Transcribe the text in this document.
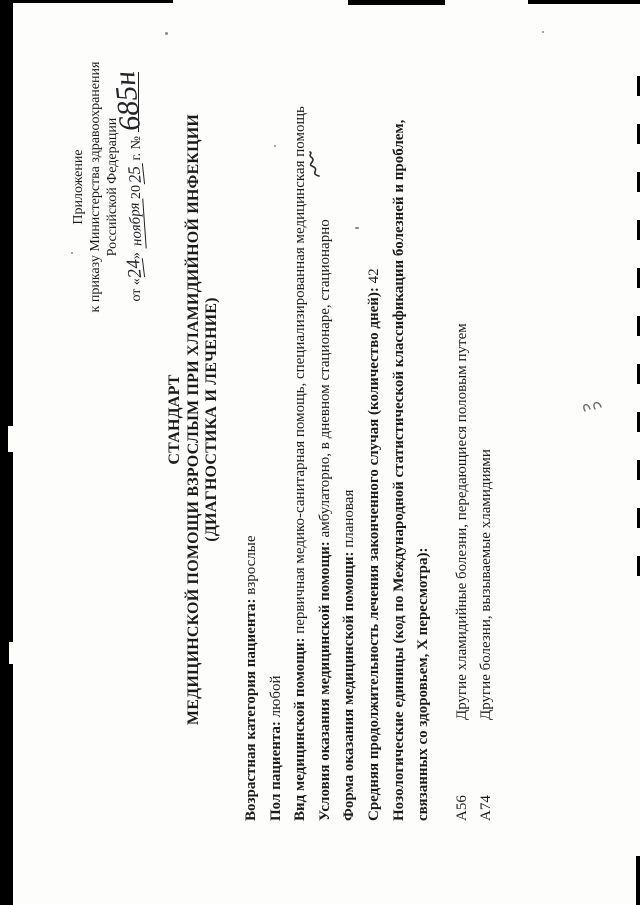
Приложение к приказу Министерства здравоохранения Российской Федерации
от «24» ноября2025 г. №
685н
СТАНДАРТ МЕДИЦИНСКОЙ ПОМОЩИ ВЗРОСЛЫМ ПРИ ХЛАМИДИЙНОЙ ИНФЕКЦИИ (ДИАГНОСТИКА И ЛЕЧЕНИЕ)
Возрастная категория пациента: взрослые
Пол пациента: любой Вид медицинской помощи: первичная медико-санитарная помощь, специализированная медицинская помощь
Условия оказания медицинской помощи: амбулаторно, в дневном стационаре, стационарно
Форма оказания медицинской помощи: плановая Средняя продолжительность лечения законченного случая (количество дней): 42 Нозологические единицы (код по Международной статистической классификации болезней и проблем, связанных со здоровьем, X пересмотра):	А56Другие хламидийные болезни, передающиеся половым путем
А74Другие болезни, вызываемые хламидиями
